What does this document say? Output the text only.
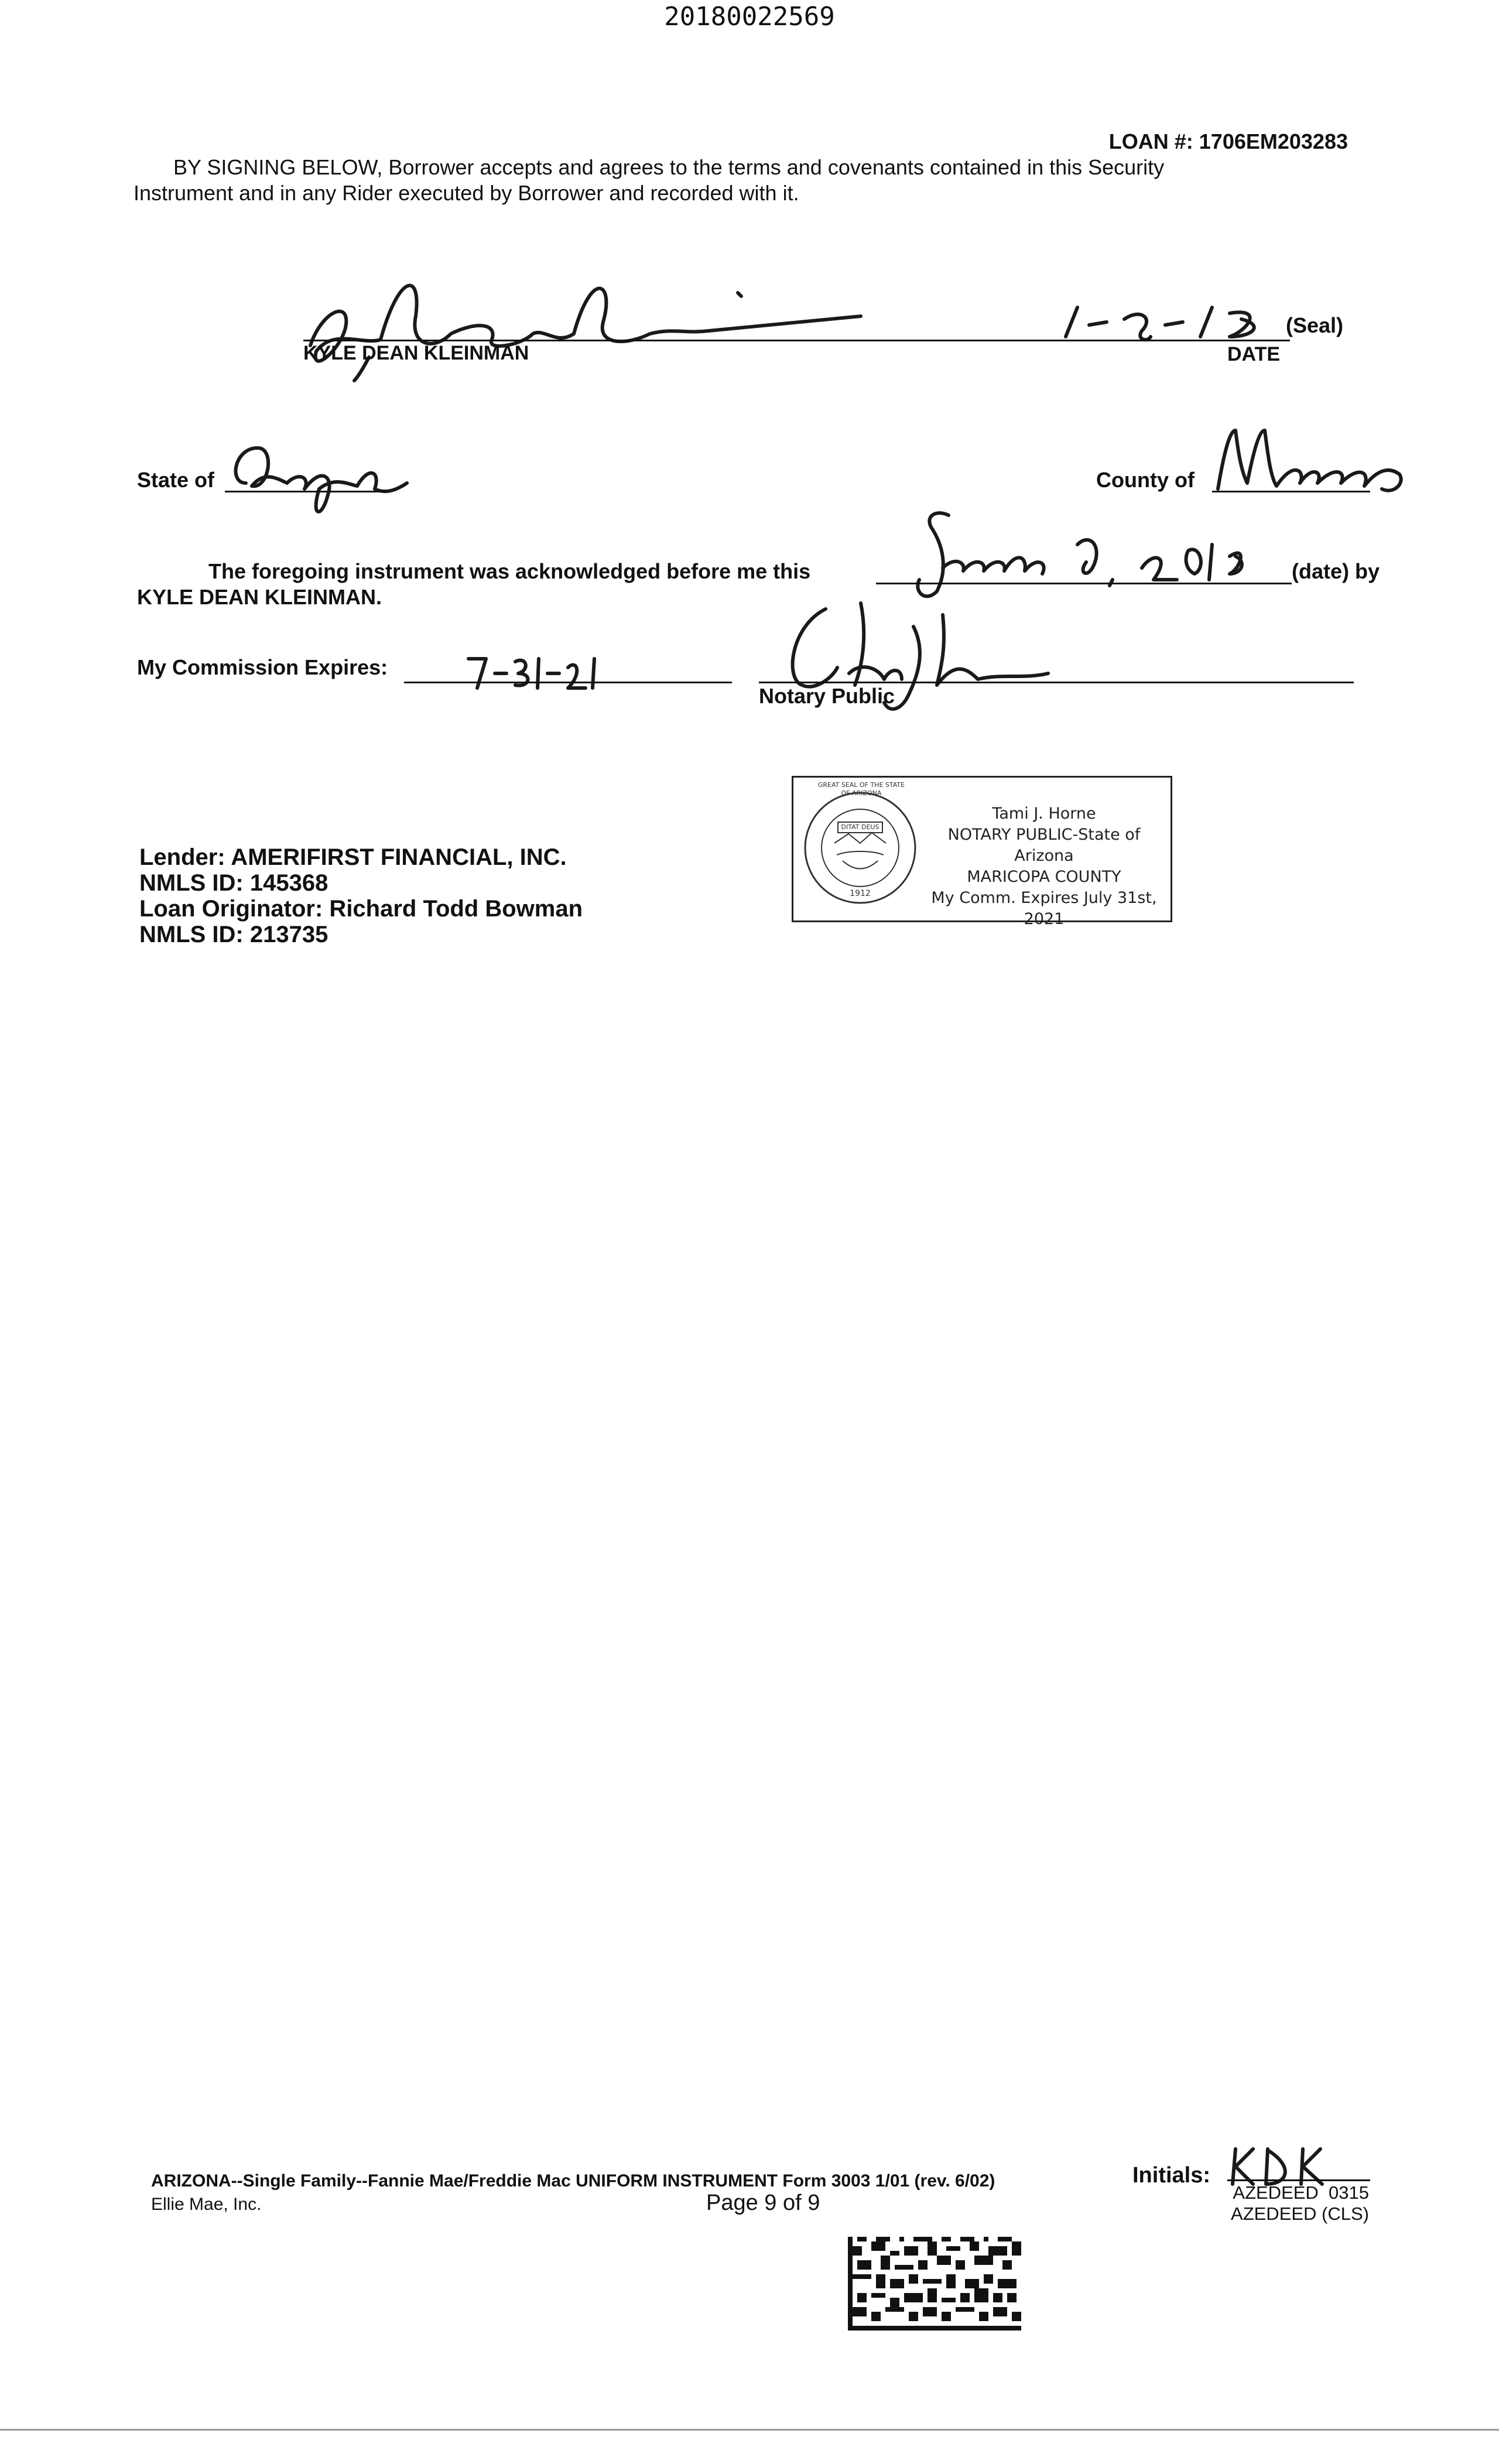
20180022569
LOAN #: 1706EM203283
BY SIGNING BELOW, Borrower accepts and agrees to the terms and covenants contained in this Security
Instrument and in any Rider executed by Borrower and recorded with it.
(Seal)
KYLE DEAN KLEINMAN	DATE
State of	County of
The foregoing instrument was acknowledged before me this	(date) by
KYLE DEAN KLEINMAN.
My Commission Expires:
Notary Public
Lender: AMERIFIRST FINANCIAL, INC.
NMLS ID: 145368
Loan Originator: Richard Todd Bowman
NMLS ID: 213735
GREAT SEAL OF THE STATE OF ARIZONA
DITAT DEUS
1912
Tami J. Horne
NOTARY PUBLIC-State of Arizona
MARICOPA COUNTY
My Comm. Expires July 31st, 2021
ARIZONA--Single Family--Fannie Mae/Freddie Mac UNIFORM INSTRUMENT Form 3003 1/01 (rev. 6/02)
Ellie Mae, Inc.	Page 9 of 9
Initials:
AZEDEED  0315
AZEDEED (CLS)
